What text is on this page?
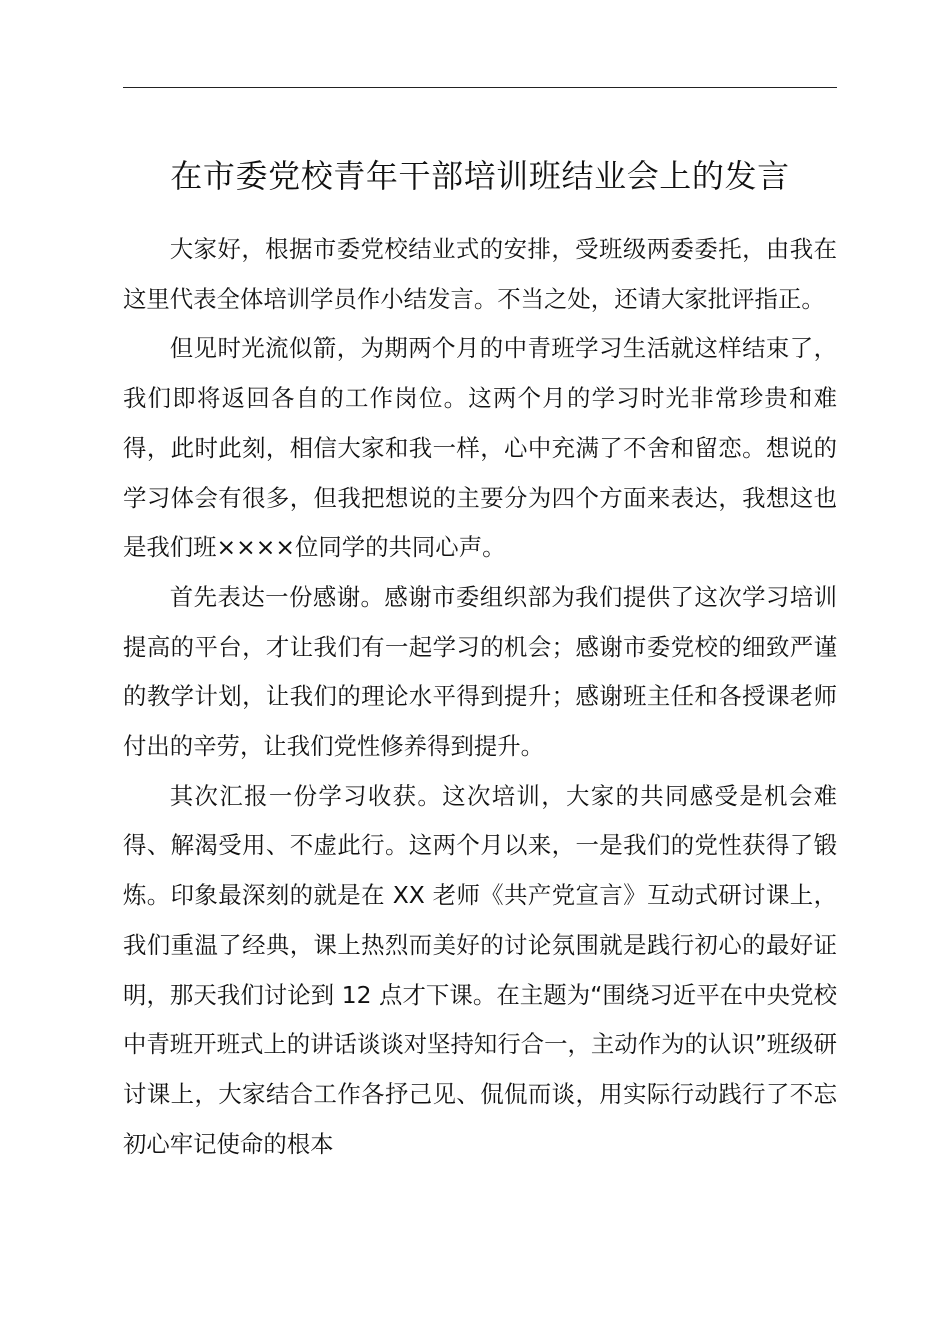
在市委党校青年干部培训班结业会上的发言

大家好，根据市委党校结业式的安排，受班级两委委托，由我在这里代表全体培训学员作小结发言。不当之处，还请大家批评指正。

但见时光流似箭，为期两个月的中青班学习生活就这样结束了，我们即将返回各自的工作岗位。这两个月的学习时光非常珍贵和难得，此时此刻，相信大家和我一样，心中充满了不舍和留恋。想说的学习体会有很多，但我把想说的主要分为四个方面来表达，我想这也是我们班××××位同学的共同心声。

首先表达一份感谢。感谢市委组织部为我们提供了这次学习培训提高的平台，才让我们有一起学习的机会；感谢市委党校的细致严谨的教学计划，让我们的理论水平得到提升；感谢班主任和各授课老师付出的辛劳，让我们党性修养得到提升。

其次汇报一份学习收获。这次培训，大家的共同感受是机会难得、解渴受用、不虚此行。这两个月以来，一是我们的党性获得了锻炼。印象最深刻的就是在 XX 老师《共产党宣言》互动式研讨课上，我们重温了经典，课上热烈而美好的讨论氛围就是践行初心的最好证明，那天我们讨论到 12 点才下课。在主题为“围绕习近平在中央党校中青班开班式上的讲话谈谈对坚持知行合一，主动作为的认识”班级研讨课上，大家结合工作各抒己见、侃侃而谈，用实际行动践行了不忘初心牢记使命的根本
